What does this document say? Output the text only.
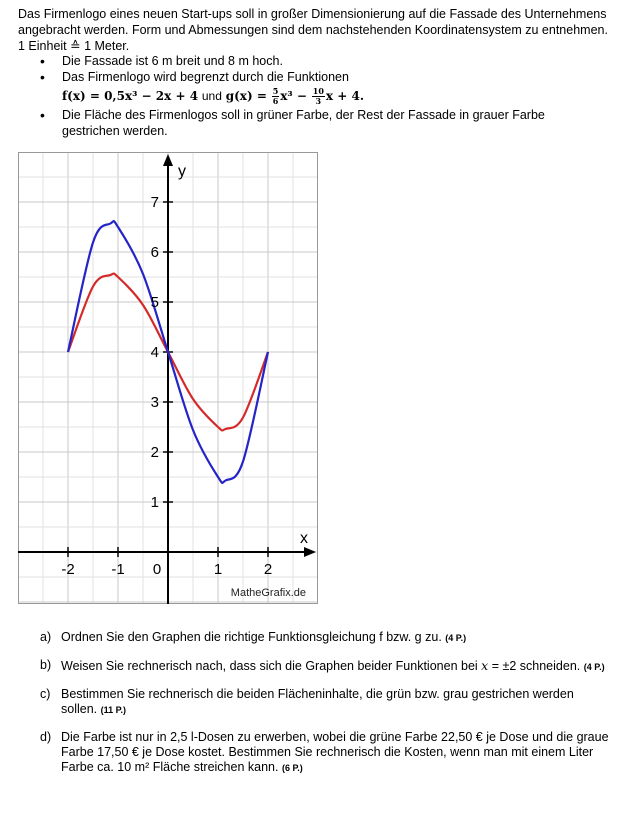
Das Firmenlogo eines neuen Start-ups soll in großer Dimensionierung auf die Fassade des Unternehmens angebracht werden. Form und Abmessungen sind dem nachstehenden Koordinatensystem zu entnehmen. 1 Einheit ≙ 1 Meter.
• Die Fassade ist 6 m breit und 8 m hoch.
• Das Firmenlogo wird begrenzt durch die Funktionen
f(x) = 0,5x³ − 2x + 4 und $g(x) = \frac{5}{6} x^3 - \frac{10}{3}$ x + 4.
• Die Fläche des Firmenlogos soll in grüner Farbe, der Rest der Fassade in grauer Farbe gestrichen werden.
-2 -1 0	1	2
1
2
3
4
5
6
7
x
y
MatheGrafix.de
a) Ordnen Sie den Graphen die richtige Funktionsgleichung f bzw. g zu. (4 P.)
b) Weisen Sie rechnerisch nach, dass sich die Graphen beider Funktionen bei x = ±2 schneiden. (4 P.)
c) Bestimmen Sie rechnerisch die beiden Flächeninhalte, die grün bzw. grau gestrichen werden sollen. (11 P.)
d) Die Farbe ist nur in 2,5 l-Dosen zu erwerben, wobei die grüne Farbe 22,50 € je Dose und die graue Farbe 17,50 € je Dose kostet. Bestimmen Sie rechnerisch die Kosten, wenn man mit einem Liter Farbe ca. 10 m² Fläche streichen kann. (6 P.)
